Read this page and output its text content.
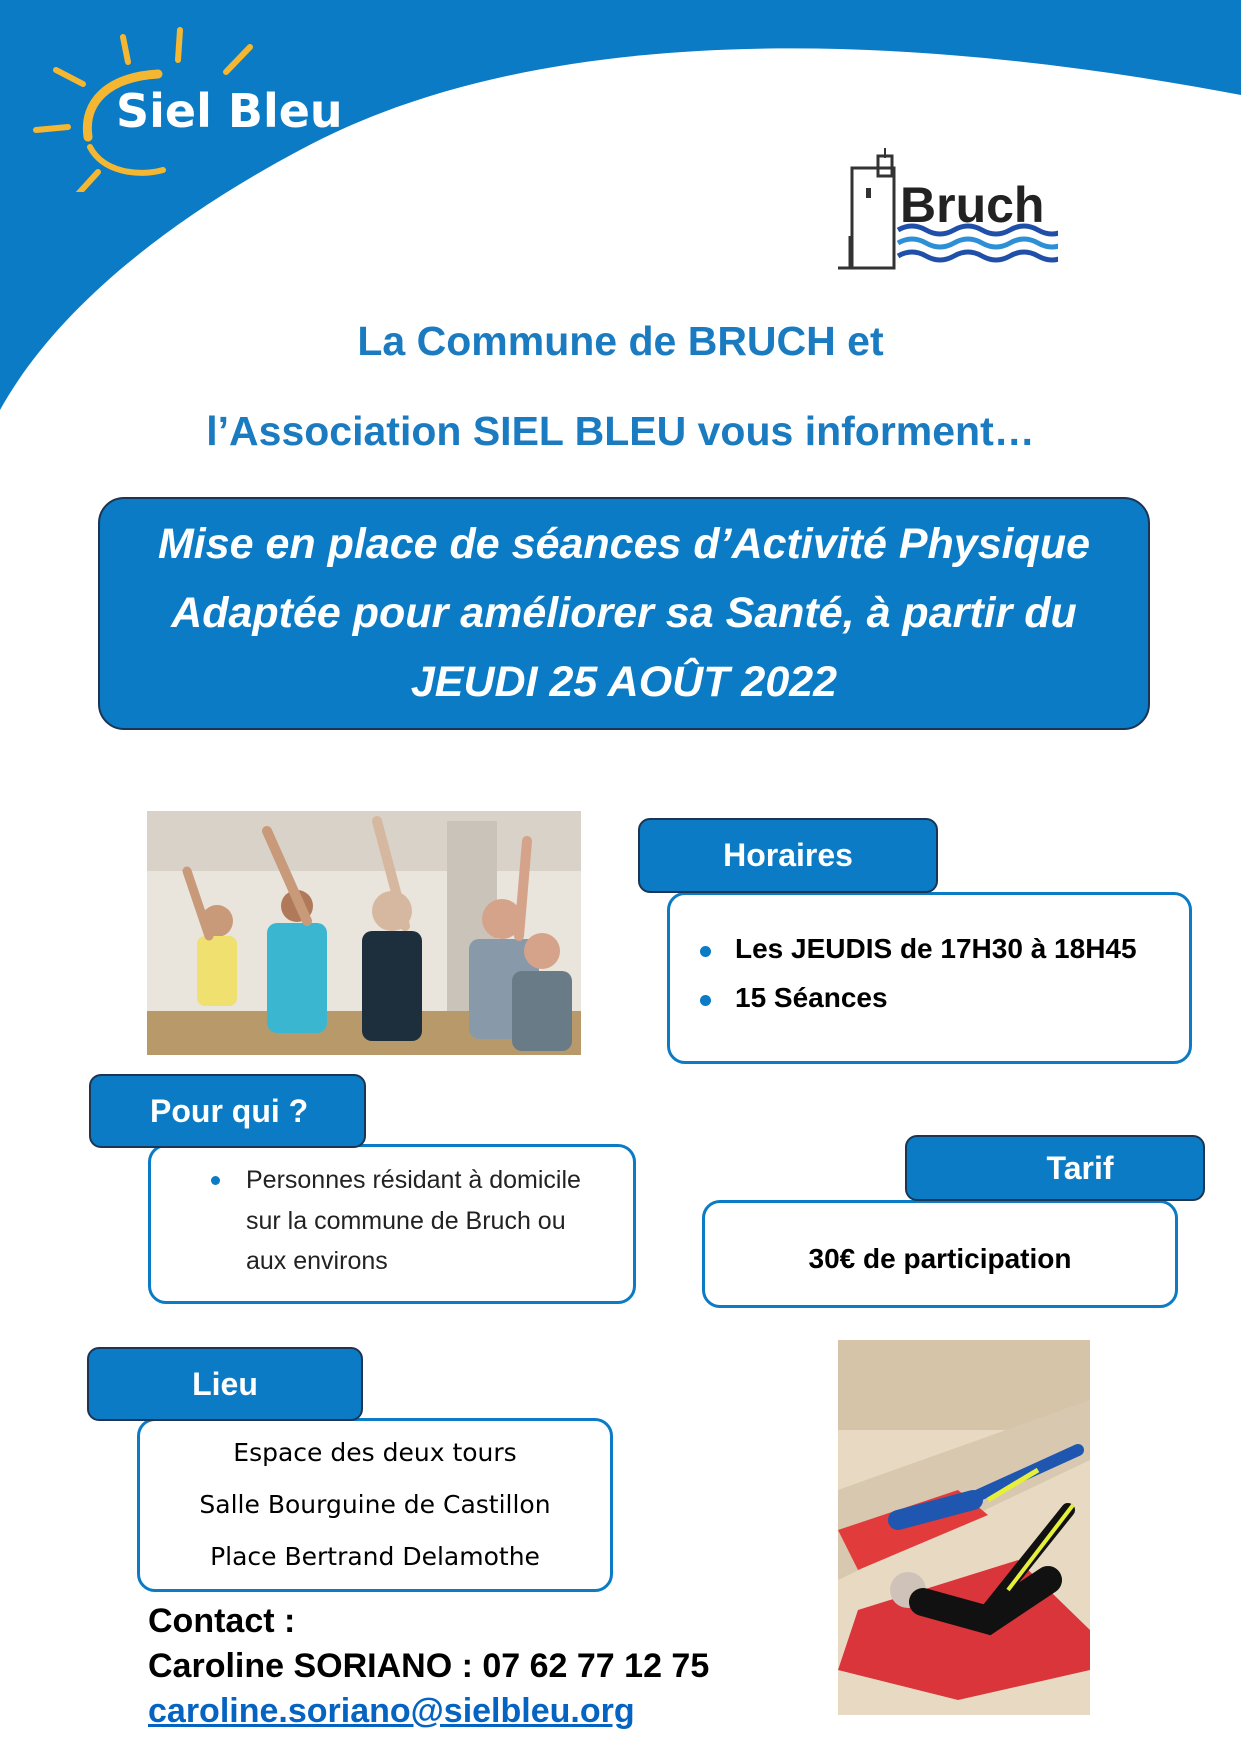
Siel Bleu
Bruch
La Commune de BRUCH et
l’Association SIEL BLEU vous informent…
Mise en place de séances d’Activité Physique
Adaptée pour améliorer sa Santé, à partir du
JEUDI 25 AOÛT 2022
Horaires
Les JEUDIS de 17H30 à 18H45
15 Séances
Pour qui ?
Personnes résidant à domicile
sur la commune de Bruch ou
aux environs
Tarif
30€ de participation
Lieu
Espace des deux tours
Salle Bourguine de Castillon
Place Bertrand Delamothe
Contact :
Caroline SORIANO : 07 62 77 12 75
caroline.soriano@sielbleu.org
